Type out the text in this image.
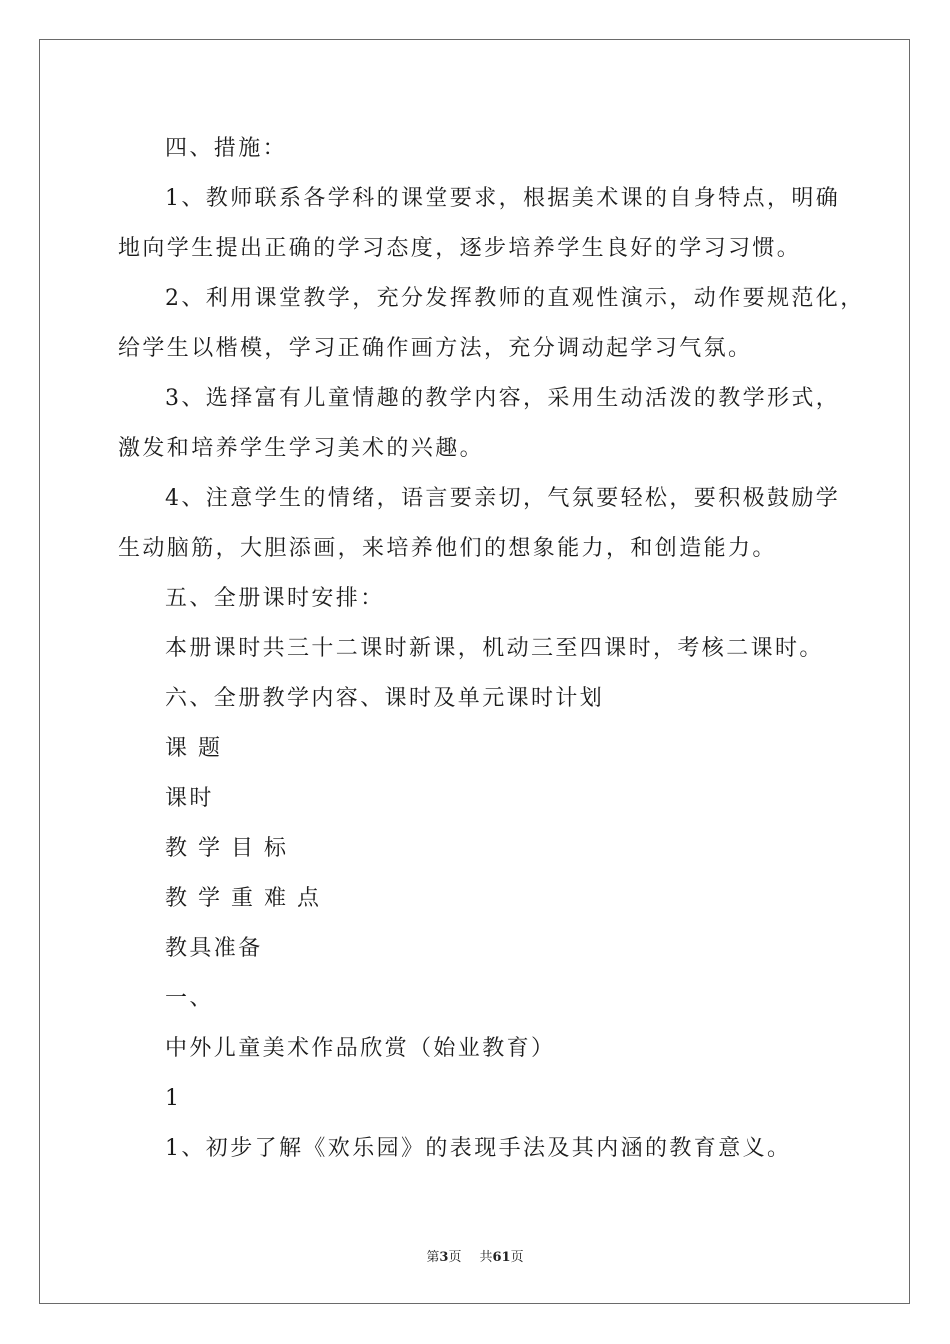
四、措施：
1、教师联系各学科的课堂要求，根据美术课的自身特点，明确
地向学生提出正确的学习态度，逐步培养学生良好的学习习惯。
2、利用课堂教学，充分发挥教师的直观性演示，动作要规范化，
给学生以楷模，学习正确作画方法，充分调动起学习气氛。
3、选择富有儿童情趣的教学内容，采用生动活泼的教学形式，
激发和培养学生学习美术的兴趣。
4、注意学生的情绪，语言要亲切，气氛要轻松，要积极鼓励学
生动脑筋，大胆添画，来培养他们的想象能力，和创造能力。
五、全册课时安排：
本册课时共三十二课时新课，机动三至四课时，考核二课时。
六、全册教学内容、课时及单元课时计划
课题
课时
教学目标
教学重难点
教具准备
一、
中外儿童美术作品欣赏（始业教育）
1
1、初步了解《欢乐园》的表现手法及其内涵的教育意义。
第3页 共61页
